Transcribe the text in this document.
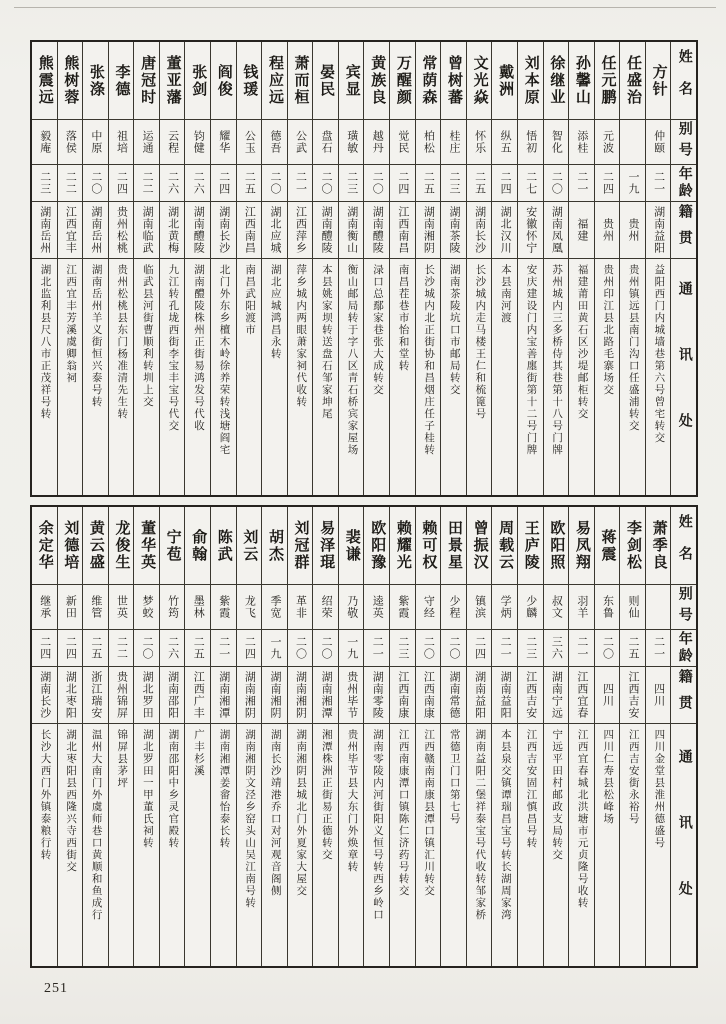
姓名
别号
年龄
籍贯
通讯处
方针
仲颐
二一
湖南益阳
益阳西门内城墙巷第六号曾宅转交
任盛治
一九
贵州
贵州镇远县南门沟口任盛浦转交
任元鹏
元波
二四
贵州
贵州印江县北路毛寨场交
孙馨山
添桂
二一
福建
福建莆田黄石区沙堤邮柜转交
徐继业
智化
二〇
湖南凤凰
苏州城内三多桥侍其巷第十八号门牌
刘本原
悟初
二七
安徽怀宁
安庆建设门内宝善廛街第十二号门牌
戴洲
纵五
二四
湖北汉川
本县南河渡
文光焱
怀乐
二五
湖南长沙
长沙城内走马楼王仁和梳篦号
曾树蕃
桂庄
二三
湖南茶陵
湖南茶陵坑口市邮局转交
常荫森
柏松
二五
湖南湘阴
长沙城内北正街协和昌烟庄任子桂转
万醒颜
觉民
二四
江西南昌
南昌茬巷市怡和堂转
黄族良
越丹
二〇
湖南醴陵
渌口总鄢家巷张大成转交
宾显
璜敏
二三
湖南衡山
衡山邮局转于字八区青石桥宾家屋场
晏民
盘石
二〇
湖南醴陵
本县姚家坝转送盘石邹家坤尾
萧而桓
公武
二一
江西萍乡
萍乡城内两眼萧家祠代收转
程应远
德吾
二〇
湖北应城
湖北应城鸿昌永转
钱瑗
公玉
二五
江西南昌
南昌武阳渡市
阎俊
耀华
二四
湖南长沙
北门外东乡檀木岭徐养荣转浅塘阎宅
张剑
钧健
二六
湖南醴陵
湖南醴陵株州正街易鸿发号代收
董亚藩
云程
二六
湖北黄梅
九江转孔垅西街李宝丰宝号代交
唐冠时
运通
二二
湖南临武
临武县河街曹顺利转圳上交
李德
祖培
二四
贵州松桃
贵州松桃县东门杨准清先生转
张涤
中原
二〇
湖南岳州
湖南岳州羊义街恒兴泰号转
熊树蓉
落侯
二二
江西宜丰
江西宜丰芳溪虞卿翁祠
熊震远
毅庵
二三
湖南岳州
湖北监利县尺八市正茂祥号转
姓名
别号
年龄
籍贯
通讯处
萧季良
二一
四川
四川金堂县淮州德盛号
李剑松
则仙
二五
江西吉安
江西吉安街永裕号
蒋震
东鲁
二〇
四川
四川仁寿县松峰场
易凤翔
羽羊
二一
江西宜春
江西宜春城北洪塘市元贞隆号收转
欧阳照
叔文
三六
湖南宁远
宁远平田村邮政支局转交
王庐陵
少麟
二三
江西吉安
江西吉安固江慎昌号转
周载云
学炳
二一
湖南益阳
本县泉交镇谭瑞昌宝号转长湖周家湾
曾振汉
镇滨
二四
湖南益阳
湖南益阳二堡祥泰宝号代收转邹家桥
田景星
少程
二〇
湖南常德
常德卫门口第七号
赖可权
守经
二〇
江西南康
江西赣南南康县潭口镇汇川转交
赖耀光
紫霞
二三
江西南康
江西南康潭口镇陈仁济药号转交
欧阳豫
逵英
二一
湖南零陵
湖南零陵内河街阳义恒号转西乡岭口
裴谦
乃敬
一九
贵州毕节
贵州毕节县大东门外焕章转
易泽琨
绍荣
二〇
湖南湘潭
湘潭株洲正街易正德转交
刘冠群
革非
二〇
湖南湘阴
湖南湘阴县城北门外夏家大屋交
胡杰
季宽
一九
湖南湘阴
湖南长沙靖港乔口对河观音阁侧
刘云
龙飞
二四
湖南湘阴
湖南湘阴文泾乡窑头山吴江南号转
陈武
紫霞
二一
湖南湘潭
湖南湘潭姜畲怡泰长转
俞翰
墨林
二五
江西广丰
广丰杉溪
宁苞
竹筠
二六
湖南邵阳
湖南邵阳中乡灵官殿转
董华英
梦蛟
二〇
湖北罗田
湖北罗田一甲董氏祠转
龙俊生
世英
二二
贵州锦屏
锦屏县茅坪
黄云盛
维管
二五
浙江瑞安
温州大南门外虞师巷口黄顺和鱼成行
刘德培
新田
二四
湖北枣阳
湖北枣阳县西隆兴寺西街交
余定华
继承
二四
湖南长沙
长沙大西门外镇泰粮行转
251
